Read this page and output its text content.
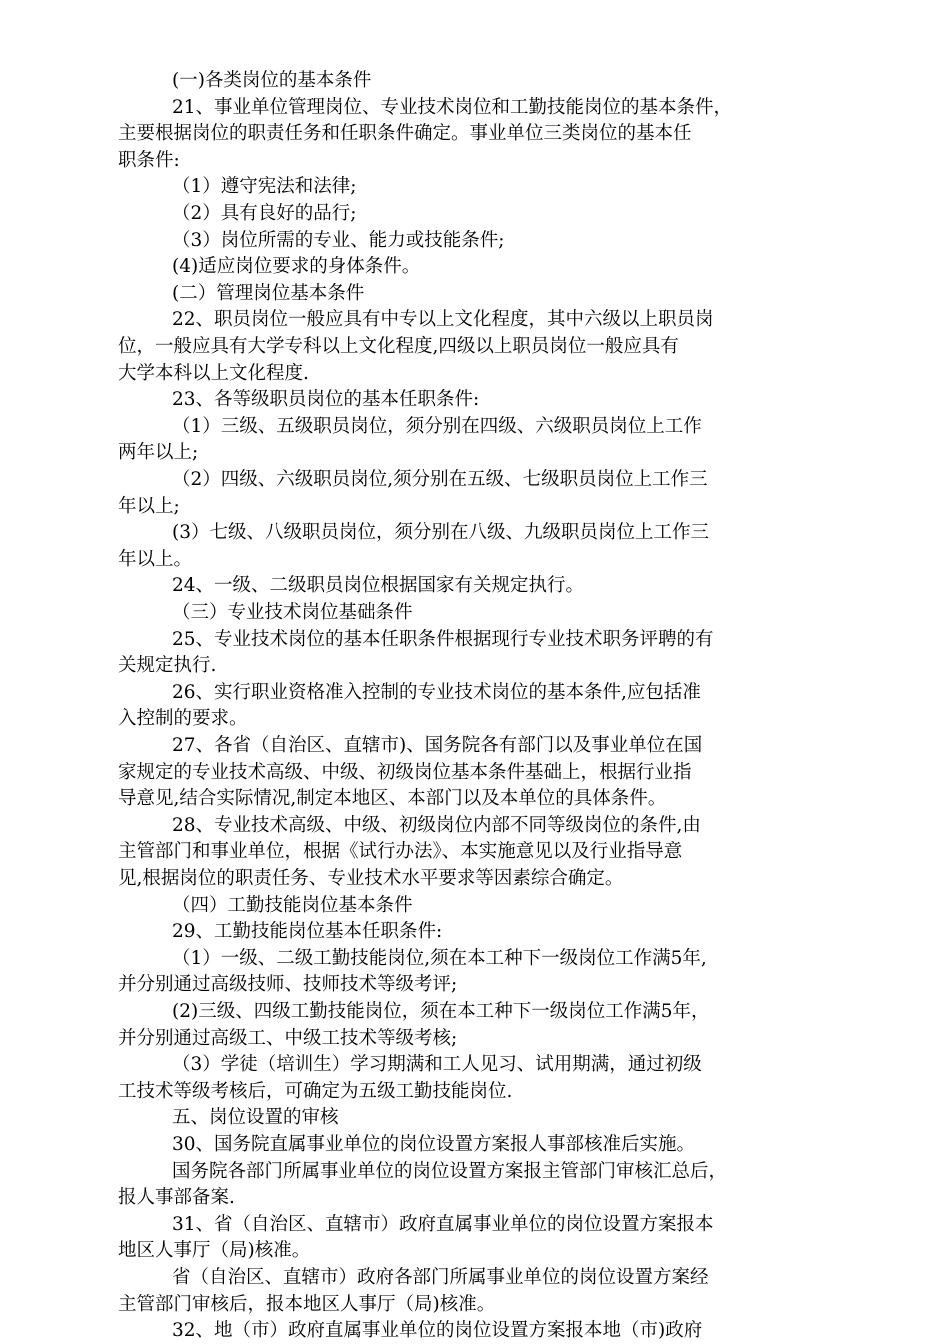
(一)各类岗位的基本条件
21、事业单位管理岗位、专业技术岗位和工勤技能岗位的基本条件，
主要根据岗位的职责任务和任职条件确定。事业单位三类岗位的基本任
职条件:
（1）遵守宪法和法律;
（2）具有良好的品行;
（3）岗位所需的专业、能力或技能条件;
(4)适应岗位要求的身体条件。
(二）管理岗位基本条件
22、职员岗位一般应具有中专以上文化程度，其中六级以上职员岗
位，一般应具有大学专科以上文化程度,四级以上职员岗位一般应具有
大学本科以上文化程度.
23、各等级职员岗位的基本任职条件:
（1）三级、五级职员岗位，须分别在四级、六级职员岗位上工作
两年以上;
（2）四级、六级职员岗位,须分别在五级、七级职员岗位上工作三
年以上;
(3）七级、八级职员岗位，须分别在八级、九级职员岗位上工作三
年以上。
24、一级、二级职员岗位根据国家有关规定执行。
（三）专业技术岗位基础条件
25、专业技术岗位的基本任职条件根据现行专业技术职务评聘的有
关规定执行.
26、实行职业资格准入控制的专业技术岗位的基本条件,应包括准
入控制的要求。
27、各省（自治区、直辖市)、国务院各有部门以及事业单位在国
家规定的专业技术高级、中级、初级岗位基本条件基础上，根据行业指
导意见,结合实际情况,制定本地区、本部门以及本单位的具体条件。
28、专业技术高级、中级、初级岗位内部不同等级岗位的条件,由
主管部门和事业单位，根据《试行办法》、本实施意见以及行业指导意
见,根据岗位的职责任务、专业技术水平要求等因素综合确定。
（四）工勤技能岗位基本条件
29、工勤技能岗位基本任职条件:
（1）一级、二级工勤技能岗位,须在本工种下一级岗位工作满5年,
并分别通过高级技师、技师技术等级考评;
(2)三级、四级工勤技能岗位，须在本工种下一级岗位工作满5年，
并分别通过高级工、中级工技术等级考核;
（3）学徒（培训生）学习期满和工人见习、试用期满，通过初级
工技术等级考核后，可确定为五级工勤技能岗位.
五、岗位设置的审核
30、国务院直属事业单位的岗位设置方案报人事部核准后实施。
国务院各部门所属事业单位的岗位设置方案报主管部门审核汇总后，
报人事部备案.
31、省（自治区、直辖市）政府直属事业单位的岗位设置方案报本
地区人事厅（局)核准。
省（自治区、直辖市）政府各部门所属事业单位的岗位设置方案经
主管部门审核后，报本地区人事厅（局)核准。
32、地（市）政府直属事业单位的岗位设置方案报本地（市)政府
